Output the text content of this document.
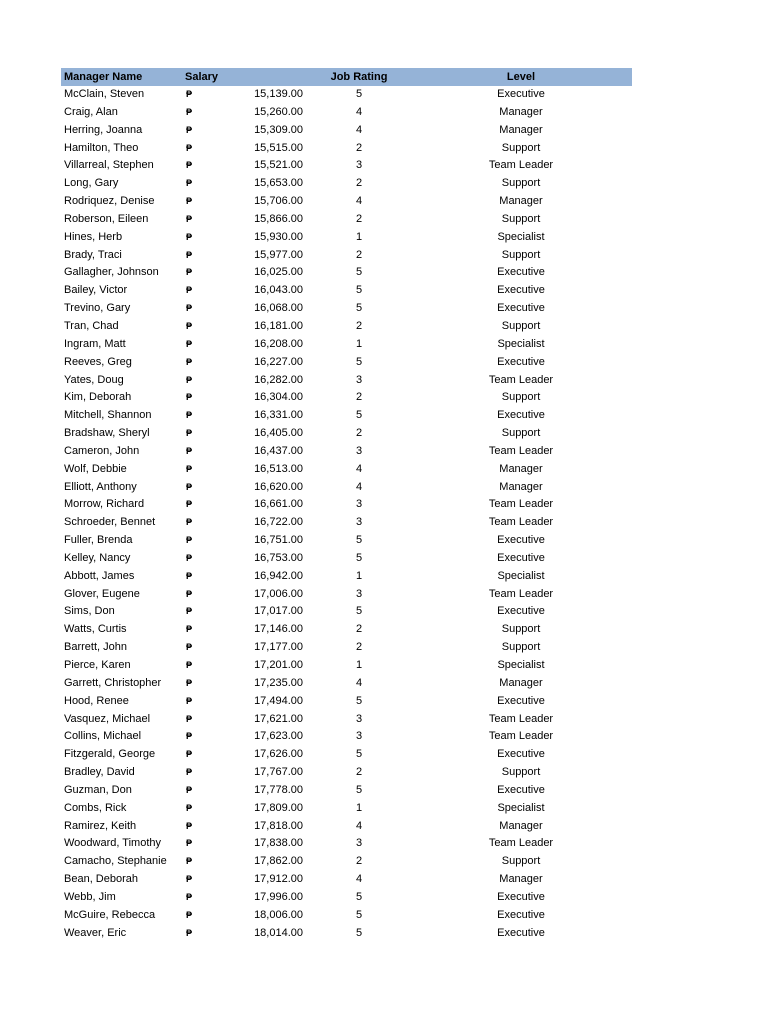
Manager Name	Salary	Job Rating	Level
McClain, Steven	₱	15,139.00	5	Executive
Craig, Alan	₱	15,260.00	4	Manager
Herring, Joanna	₱	15,309.00	4	Manager
Hamilton, Theo	₱	15,515.00	2	Support
Villarreal, Stephen	₱	15,521.00	3	Team Leader
Long, Gary	₱	15,653.00	2	Support
Rodriquez, Denise	₱	15,706.00	4	Manager
Roberson, Eileen	₱	15,866.00	2	Support
Hines, Herb	₱	15,930.00	1	Specialist
Brady, Traci	₱	15,977.00	2	Support
Gallagher, Johnson	₱	16,025.00	5	Executive
Bailey, Victor	₱	16,043.00	5	Executive
Trevino, Gary	₱	16,068.00	5	Executive
Tran, Chad	₱	16,181.00	2	Support
Ingram, Matt	₱	16,208.00	1	Specialist
Reeves, Greg	₱	16,227.00	5	Executive
Yates, Doug	₱	16,282.00	3	Team Leader
Kim, Deborah	₱	16,304.00	2	Support
Mitchell, Shannon	₱	16,331.00	5	Executive
Bradshaw, Sheryl	₱	16,405.00	2	Support
Cameron, John	₱	16,437.00	3	Team Leader
Wolf, Debbie	₱	16,513.00	4	Manager
Elliott, Anthony	₱	16,620.00	4	Manager
Morrow, Richard	₱	16,661.00	3	Team Leader
Schroeder, Bennet	₱	16,722.00	3	Team Leader
Fuller, Brenda	₱	16,751.00	5	Executive
Kelley, Nancy	₱	16,753.00	5	Executive
Abbott, James	₱	16,942.00	1	Specialist
Glover, Eugene	₱	17,006.00	3	Team Leader
Sims, Don	₱	17,017.00	5	Executive
Watts, Curtis	₱	17,146.00	2	Support
Barrett, John	₱	17,177.00	2	Support
Pierce, Karen	₱	17,201.00	1	Specialist
Garrett, Christopher	₱	17,235.00	4	Manager
Hood, Renee	₱	17,494.00	5	Executive
Vasquez, Michael	₱	17,621.00	3	Team Leader
Collins, Michael	₱	17,623.00	3	Team Leader
Fitzgerald, George	₱	17,626.00	5	Executive
Bradley, David	₱	17,767.00	2	Support
Guzman, Don	₱	17,778.00	5	Executive
Combs, Rick	₱	17,809.00	1	Specialist
Ramirez, Keith	₱	17,818.00	4	Manager
Woodward, Timothy	₱	17,838.00	3	Team Leader
Camacho, Stephanie ₱	17,862.00	2	Support
Bean, Deborah	₱	17,912.00	4	Manager
Webb, Jim	₱	17,996.00	5	Executive
McGuire, Rebecca	₱	18,006.00	5	Executive
Weaver, Eric	₱	18,014.00	5	Executive
